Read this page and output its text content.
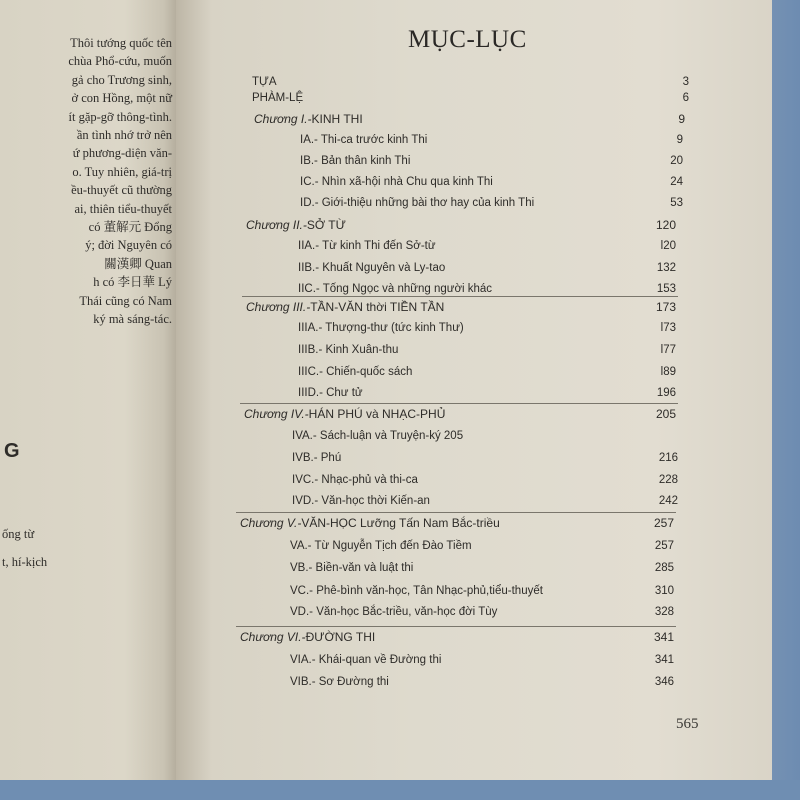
Thôi tướng quốc tên
chùa Phổ-cứu, muốn
gả cho Trương sinh,
ở con Hồng, một nữ
ít gặp-gỡ thông-tình.
ần tình nhớ trở nên
ứ phương-diện văn-
o. Tuy nhiên, giá-trị
ều-thuyết cũ thường
ai, thiên tiểu-thuyết
có 董解元 Đổng
ý; đời Nguyên có
關漢卿 Quan
h có 李日華 Lý
Thái cũng có Nam
ký mà sáng-tác.
G
ống từ
t, hí-kịch
MỤC-LỤC
TỰA	3
PHÀM-LỆ	6
Chương I.-KINH THI	9
IA.- Thi-ca trước kinh Thi	9
IB.- Bản thân kinh Thi	20
IC.- Nhìn xã-hội nhà Chu qua kinh Thi	24
ID.- Giới-thiệu những bài thơ hay của kinh Thi	53
Chương II.-SỞ TỪ	120
IIA.- Từ kinh Thi đến Sở-từ	l20
IIB.- Khuất Nguyên và Ly-tao	132
IIC.- Tống Ngọc và những người khác	153
Chương III.-TẦN-VĂN thời TIỀN TẦN	173
IIIA.- Thượng-thư (tức kinh Thư)	l73
IIIB.- Kinh Xuân-thu	l77
IIIC.- Chiến-quốc sách	l89
IIID.- Chư tử	196
Chương IV.-HÁN PHÚ và NHẠC-PHỦ	205
IVA.- Sách-luận và Truyện-ký 205
IVB.- Phú	216
IVC.- Nhạc-phủ và thi-ca	228
IVD.- Văn-học thời Kiến-an	242
Chương V.-VĂN-HỌC Lưỡng Tấn Nam Bắc-triều	257
VA.- Từ Nguyễn Tịch đến Đào Tiềm	257
VB.- Biền-văn và luật thi	285
VC.- Phê-bình văn-học, Tân Nhạc-phủ,tiểu-thuyết	310
VD.- Văn-học Bắc-triều, văn-học đời Tùy	328
Chương VI.-ĐƯỜNG THI	341
VIA.- Khái-quan về Đường thi	341
VIB.- Sơ Đường thi	346
565
